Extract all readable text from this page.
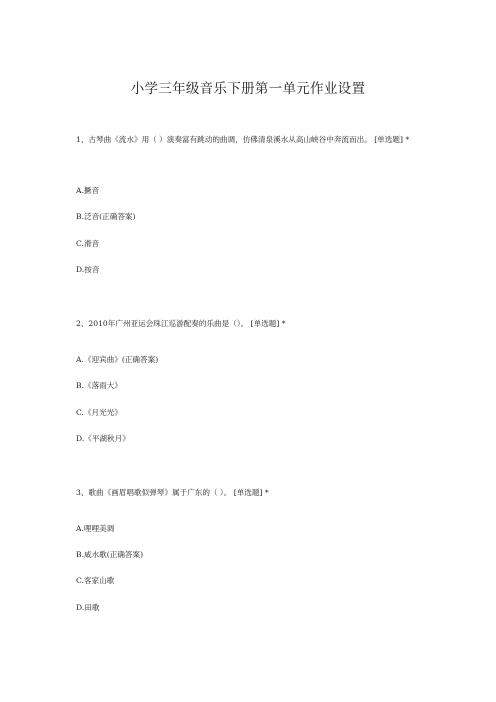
小学三年级音乐下册第一单元作业设置
1、古琴曲《流水》用（ ）演奏富有跳动的曲调，仿佛清泉溪水从高山峡谷中奔流而出。 [单选题] *
A.撅音
B.泛音(正确答案)
C.滑音
D.按音
2、2010年广州亚运会珠江巡游配奏的乐曲是（）。 [单选题] *
A.《迎宾曲》(正确答案)
B.《落雨大》
C.《月光光》
D.《平湖秋月》
3、歌曲《画眉唱歌似弹琴》属于广东的（ ）。 [单选题] *
A.哩哩美调
B.咸水歌(正确答案)
C.客家山歌
D.田歌
